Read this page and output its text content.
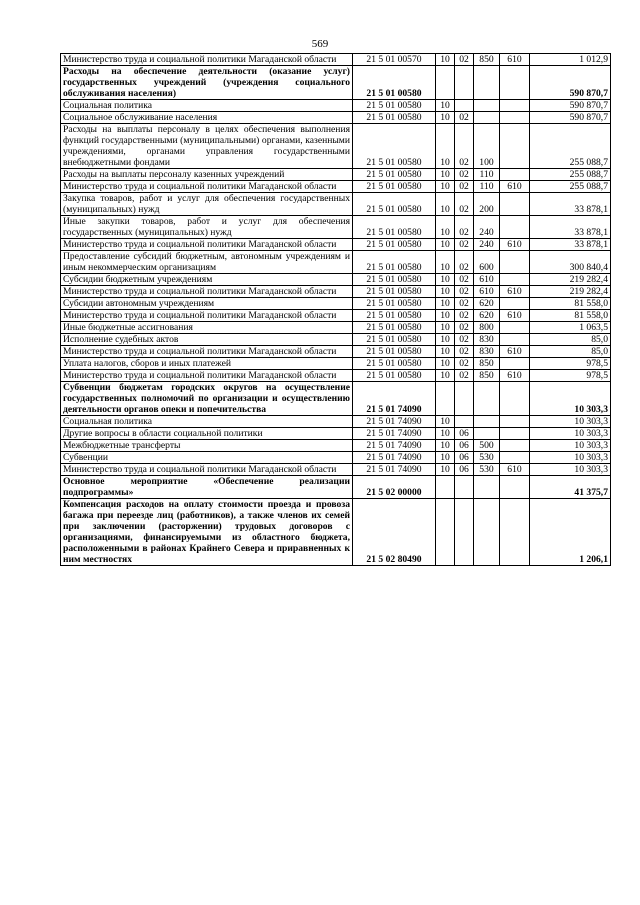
569
Министерство труда и социальной политики Магаданской области	21 5 01 00570	10	02	850	610	1 012,9
Расходы на обеспечение деятельности (оказание услуг) государственных учреждений (учреждения социального обслуживания населения)	21 5 01 00580					590 870,7
Социальная политика	21 5 01 00580	10				590 870,7
Социальное обслуживание населения	21 5 01 00580	10	02			590 870,7
Расходы на выплаты персоналу в целях обеспечения выполнения функций государственными (муниципальными) органами, казенными учреждениями, органами управления государственными внебюджетными фондами	21 5 01 00580	10	02	100		255 088,7
Расходы на выплаты персоналу казенных учреждений	21 5 01 00580	10	02	110		255 088,7
Министерство труда и социальной политики Магаданской области	21 5 01 00580	10	02	110	610	255 088,7
Закупка товаров, работ и услуг для обеспечения государственных (муниципальных) нужд	21 5 01 00580	10	02	200		33 878,1
Иные закупки товаров, работ и услуг для обеспечения государственных (муниципальных) нужд	21 5 01 00580	10	02	240		33 878,1
Министерство труда и социальной политики Магаданской области	21 5 01 00580	10	02	240	610	33 878,1
Предоставление субсидий бюджетным, автономным учреждениям и иным некоммерческим организациям	21 5 01 00580	10	02	600		300 840,4
Субсидии бюджетным учреждениям	21 5 01 00580	10	02	610		219 282,4
Министерство труда и социальной политики Магаданской области	21 5 01 00580	10	02	610	610	219 282,4
Субсидии автономным учреждениям	21 5 01 00580	10	02	620		81 558,0
Министерство труда и социальной политики Магаданской области	21 5 01 00580	10	02	620	610	81 558,0
Иные бюджетные ассигнования	21 5 01 00580	10	02	800		1 063,5
Исполнение судебных актов	21 5 01 00580	10	02	830		85,0
Министерство труда и социальной политики Магаданской области	21 5 01 00580	10	02	830	610	85,0
Уплата налогов, сборов и иных платежей	21 5 01 00580	10	02	850		978,5
Министерство труда и социальной политики Магаданской области	21 5 01 00580	10	02	850	610	978,5
Субвенции бюджетам городских округов на осуществление государственных полномочий по организации и осуществлению деятельности органов опеки и попечительства	21 5 01 74090					10 303,3
Социальная политика	21 5 01 74090	10				10 303,3
Другие вопросы в области социальной политики	21 5 01 74090	10	06			10 303,3
Межбюджетные трансферты	21 5 01 74090	10	06	500		10 303,3
Субвенции	21 5 01 74090	10	06	530		10 303,3
Министерство труда и социальной политики Магаданской области	21 5 01 74090	10	06	530	610	10 303,3
Основное мероприятие «Обеспечение реализации подпрограммы»	21 5 02 00000					41 375,7
Компенсация расходов на оплату стоимости проезда и провоза багажа при переезде лиц (работников), а также членов их семей при заключении (расторжении) трудовых договоров с организациями, финансируемыми из областного бюджета, расположенными в районах Крайнего Севера и приравненных к ним местностях	21 5 02 80490					1 206,1
